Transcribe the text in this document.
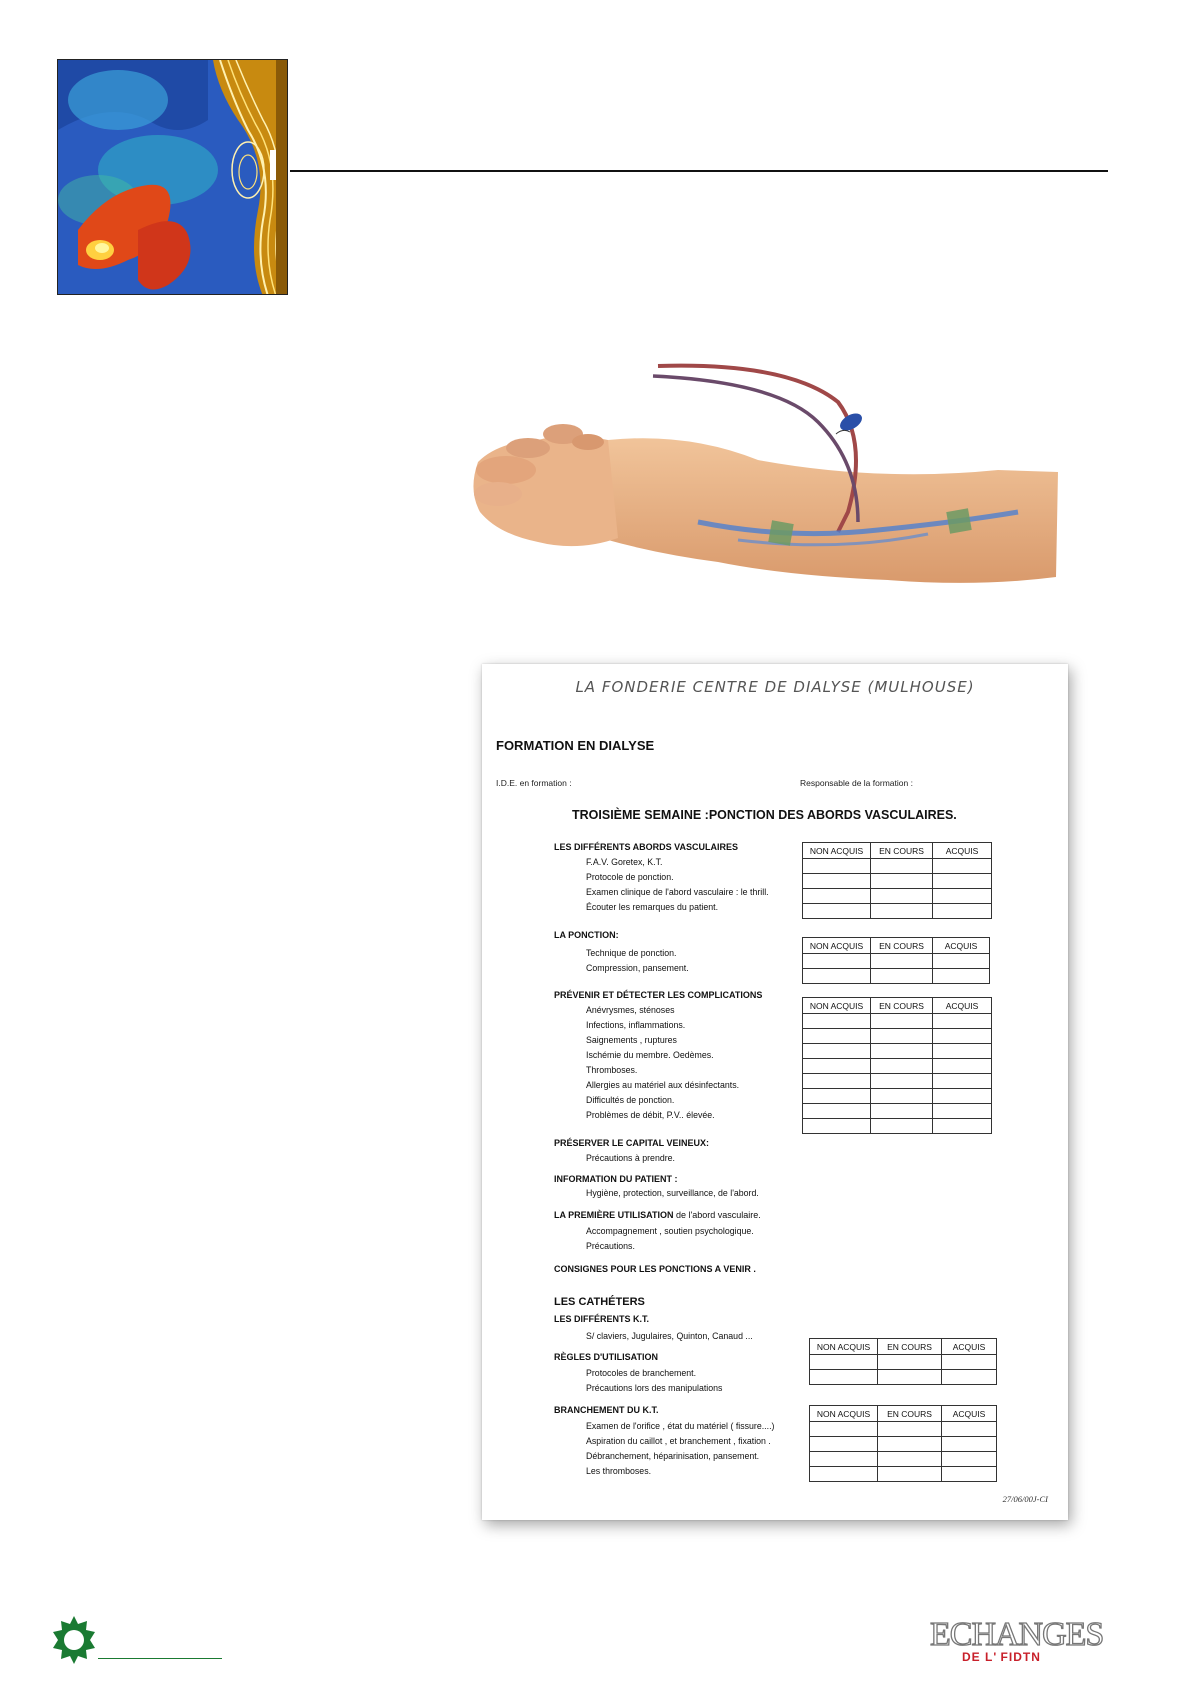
LA FONDERIE CENTRE DE DIALYSE (MULHOUSE)
FORMATION EN DIALYSE
I.D.E. en formation :	Responsable de la formation :
TROISIÈME SEMAINE :PONCTION DES ABORDS VASCULAIRES.
LES DIFFÉRENTS ABORDS VASCULAIRES
F.A.V. Goretex, K.T.
Protocole de ponction.
Examen clinique de l'abord vasculaire : le thrill.
Écouter les remarques du patient.
NON ACQUIS	EN COURS	ACQUIS

LA PONCTION:
Technique de ponction.
Compression, pansement.
NON ACQUIS	EN COURS	ACQUIS

PRÉVENIR ET DÉTECTER LES COMPLICATIONS
Anévrysmes, sténoses
Infections, inflammations.
Saignements , ruptures
Ischémie du membre. Oedèmes.
Thromboses.
Allergies au matériel aux désinfectants.
Difficultés de ponction.
Problèmes de débit, P.V.. élevée.
NON ACQUIS	EN COURS	ACQUIS

PRÉSERVER LE CAPITAL VEINEUX:
Précautions à prendre.
INFORMATION DU PATIENT :
Hygiène, protection, surveillance, de l'abord.
LA PREMIÈRE UTILISATION de l'abord vasculaire.
Accompagnement , soutien psychologique.
Précautions.
CONSIGNES POUR LES PONCTIONS A VENIR .
LES CATHÉTERS
LES DIFFÉRENTS K.T.
S/ claviers, Jugulaires, Quinton, Canaud ...
RÈGLES D'UTILISATION
Protocoles de branchement.
Précautions lors des manipulations
NON ACQUIS	EN COURS	ACQUIS

BRANCHEMENT DU K.T.
Examen de l'orifice , état du matériel ( fissure....)
Aspiration du caillot , et branchement , fixation .
Débranchement, héparinisation, pansement.
Les thromboses.
NON ACQUIS	EN COURS	ACQUIS

27/06/00J-CI
ECHANGES
DE L' FIDTN
